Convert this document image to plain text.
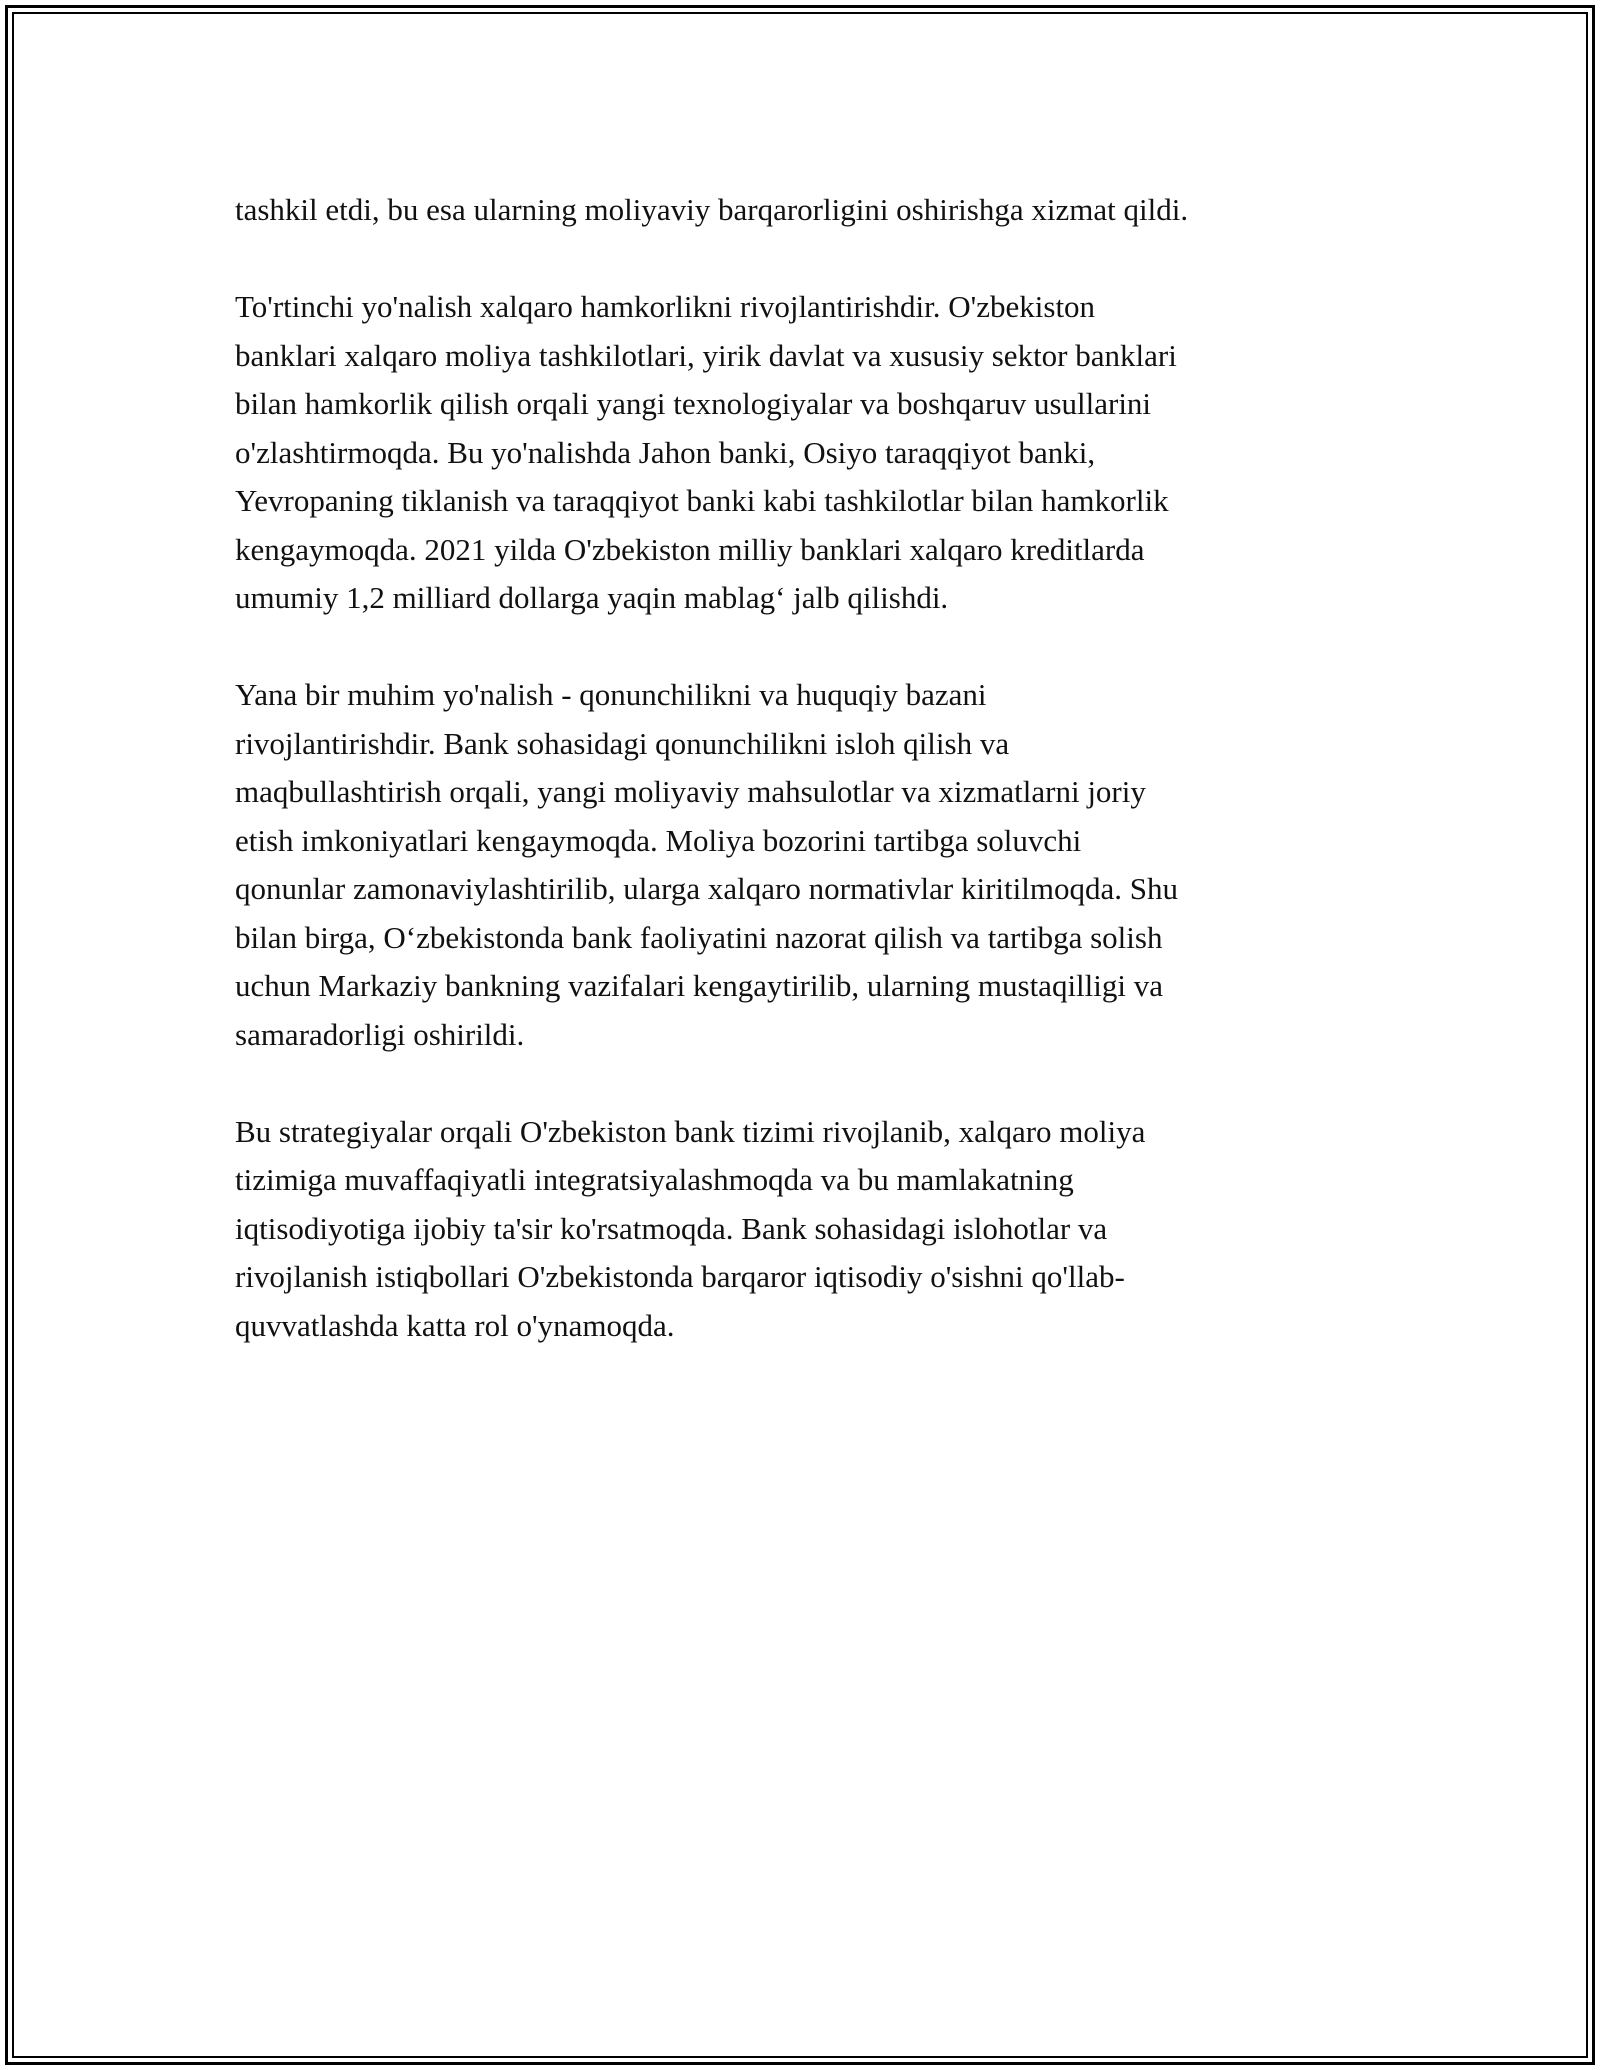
tashkil etdi, bu esa ularning moliyaviy barqarorligini oshirishga xizmat qildi.

To'rtinchi yo'nalish xalqaro hamkorlikni rivojlantirishdir. O'zbekiston
banklari xalqaro moliya tashkilotlari, yirik davlat va xususiy sektor banklari
bilan hamkorlik qilish orqali yangi texnologiyalar va boshqaruv usullarini
o'zlashtirmoqda. Bu yo'nalishda Jahon banki, Osiyo taraqqiyot banki,
Yevropaning tiklanish va taraqqiyot banki kabi tashkilotlar bilan hamkorlik
kengaymoqda. 2021 yilda O'zbekiston milliy banklari xalqaro kreditlarda
umumiy 1,2 milliard dollarga yaqin mablag‘ jalb qilishdi.

Yana bir muhim yo'nalish - qonunchilikni va huquqiy bazani
rivojlantirishdir. Bank sohasidagi qonunchilikni isloh qilish va
maqbullashtirish orqali, yangi moliyaviy mahsulotlar va xizmatlarni joriy
etish imkoniyatlari kengaymoqda. Moliya bozorini tartibga soluvchi
qonunlar zamonaviylashtirilib, ularga xalqaro normativlar kiritilmoqda. Shu
bilan birga, O‘zbekistonda bank faoliyatini nazorat qilish va tartibga solish
uchun Markaziy bankning vazifalari kengaytirilib, ularning mustaqilligi va
samaradorligi oshirildi.

Bu strategiyalar orqali O'zbekiston bank tizimi rivojlanib, xalqaro moliya
tizimiga muvaffaqiyatli integratsiyalashmoqda va bu mamlakatning
iqtisodiyotiga ijobiy ta'sir ko'rsatmoqda. Bank sohasidagi islohotlar va
rivojlanish istiqbollari O'zbekistonda barqaror iqtisodiy o'sishni qo'llab-
quvvatlashda katta rol o'ynamoqda.
